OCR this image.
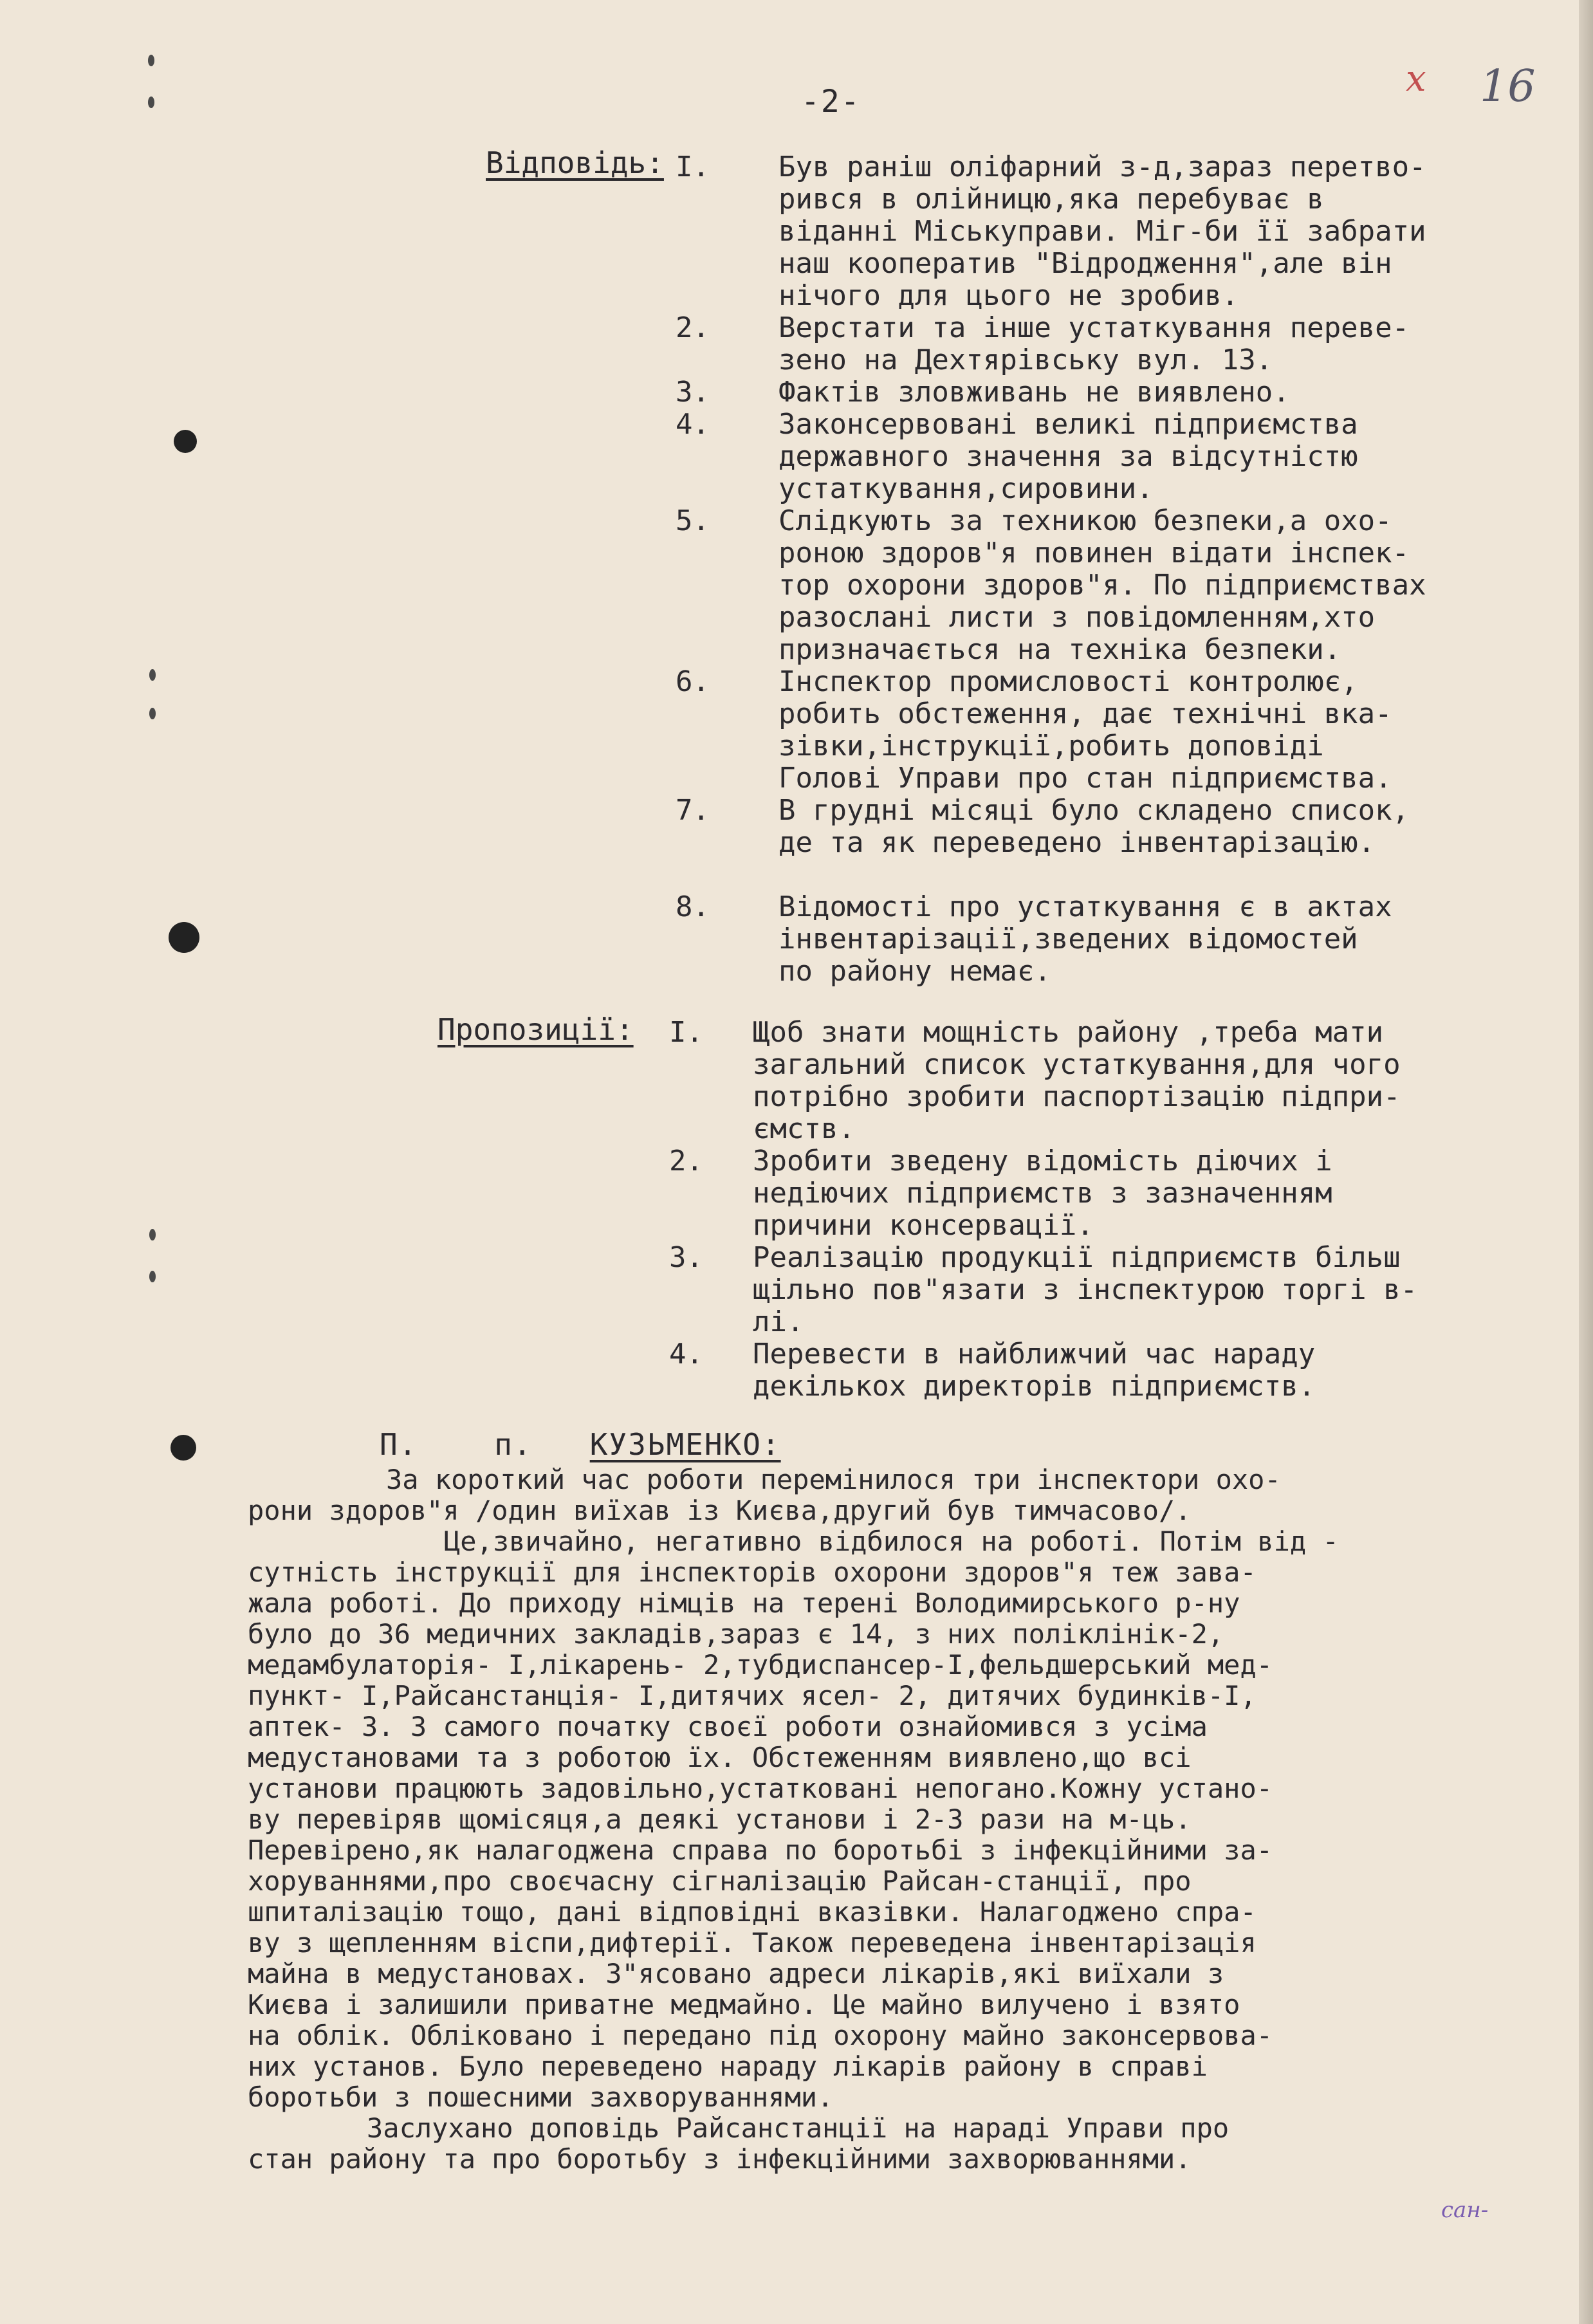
-2-
х 16
Відповідь: І. Був раніш оліфарний з-д,зараз перетво-
рився в олійницю,яка перебуває в
віданні Міськуправи. Міг-би її забрати
наш кооператив "Відродження",але він
нічого для цього не зробив.
2. Верстати та інше устаткування переве-
зено на Дехтярівську вул. 13.
3. Фактів зловживань не виявлено.
4. Законсервовані великі підприємства
державного значення за відсутністю
устаткування,сировини.
5. Слідкують за техникою безпеки,а охо-
роною здоров"я повинен відати інспек-
тор охорони здоров"я. По підприємствах
разослані листи з повідомленням,хто
призначається на техніка безпеки.
6. Інспектор промисловості контролює,
робить обстеження, дає технічні вка-
зівки,інструкції,робить доповіді
Голові Управи про стан підприємства.
7. В грудні місяці було складено список,
де та як переведено інвентарізацію.
8. Відомості про устаткування є в актах
інвентарізації,зведених відомостей
по району немає.
Пропозиції: І. Щоб знати мощність району ,треба мати
загальний список устаткування,для чого
потрібно зробити паспортізацію підпри-
ємств.
2. Зробити зведену відомість діючих і
недіючих підприємств з зазначенням
причини консервації.
3. Реалізацію продукції підприємств більш
щільно пов"язати з інспектурою торгі в-
лі.
4. Перевести в найближчий час нараду
декількох директорів підприємств.
П.	п. КУЗЬМЕНКО:
За короткий час роботи перемінилося три інспектори охо-
рони здоров"я /один виїхав із Києва,другий був тимчасово/.
Це,звичайно, негативно відбилося на роботі. Потім від -
сутність інструкції для інспекторів охорони здоров"я теж зава-
жала роботі. До приходу німців на терені Володимирського р-ну
було до 36 медичних закладів,зараз є 14, з них поліклінік-2,
медамбулаторія- І,лікарень- 2,тубдиспансер-І,фельдшерський мед-
пункт- І,Райсанстанція- І,дитячих ясел- 2, дитячих будинків-І,
аптек- 3. З самого початку своєї роботи ознайомився з усіма
медустановами та з роботою їх. Обстеженням виявлено,що всі
установи працюють задовільно,устатковані непогано.Кожну устано-
ву перевіряв щомісяця,а деякі установи і 2-3 рази на м-ць.
Перевірено,як налагоджена справа по боротьбі з інфекційними за-
хоруваннями,про своєчасну сігналізацію Райсан-станції, про
шпиталізацію тощо, дані відповідні вказівки. Налагоджено спра-
ву з щепленням віспи,дифтерії. Також переведена інвентарізація
майна в медустановах. З"ясовано адреси лікарів,які виїхали з
Києва і залишили приватне медмайно. Це майно вилучено і взято
на облік. Обліковано і передано під охорону майно законсервова-
них установ. Було переведено нараду лікарів району в справі
боротьби з пошесними захворуваннями.
Заслухано доповідь Райсанстанції на нараді Управи про
стан району та про боротьбу з інфекційними захворюваннями.
сан-
